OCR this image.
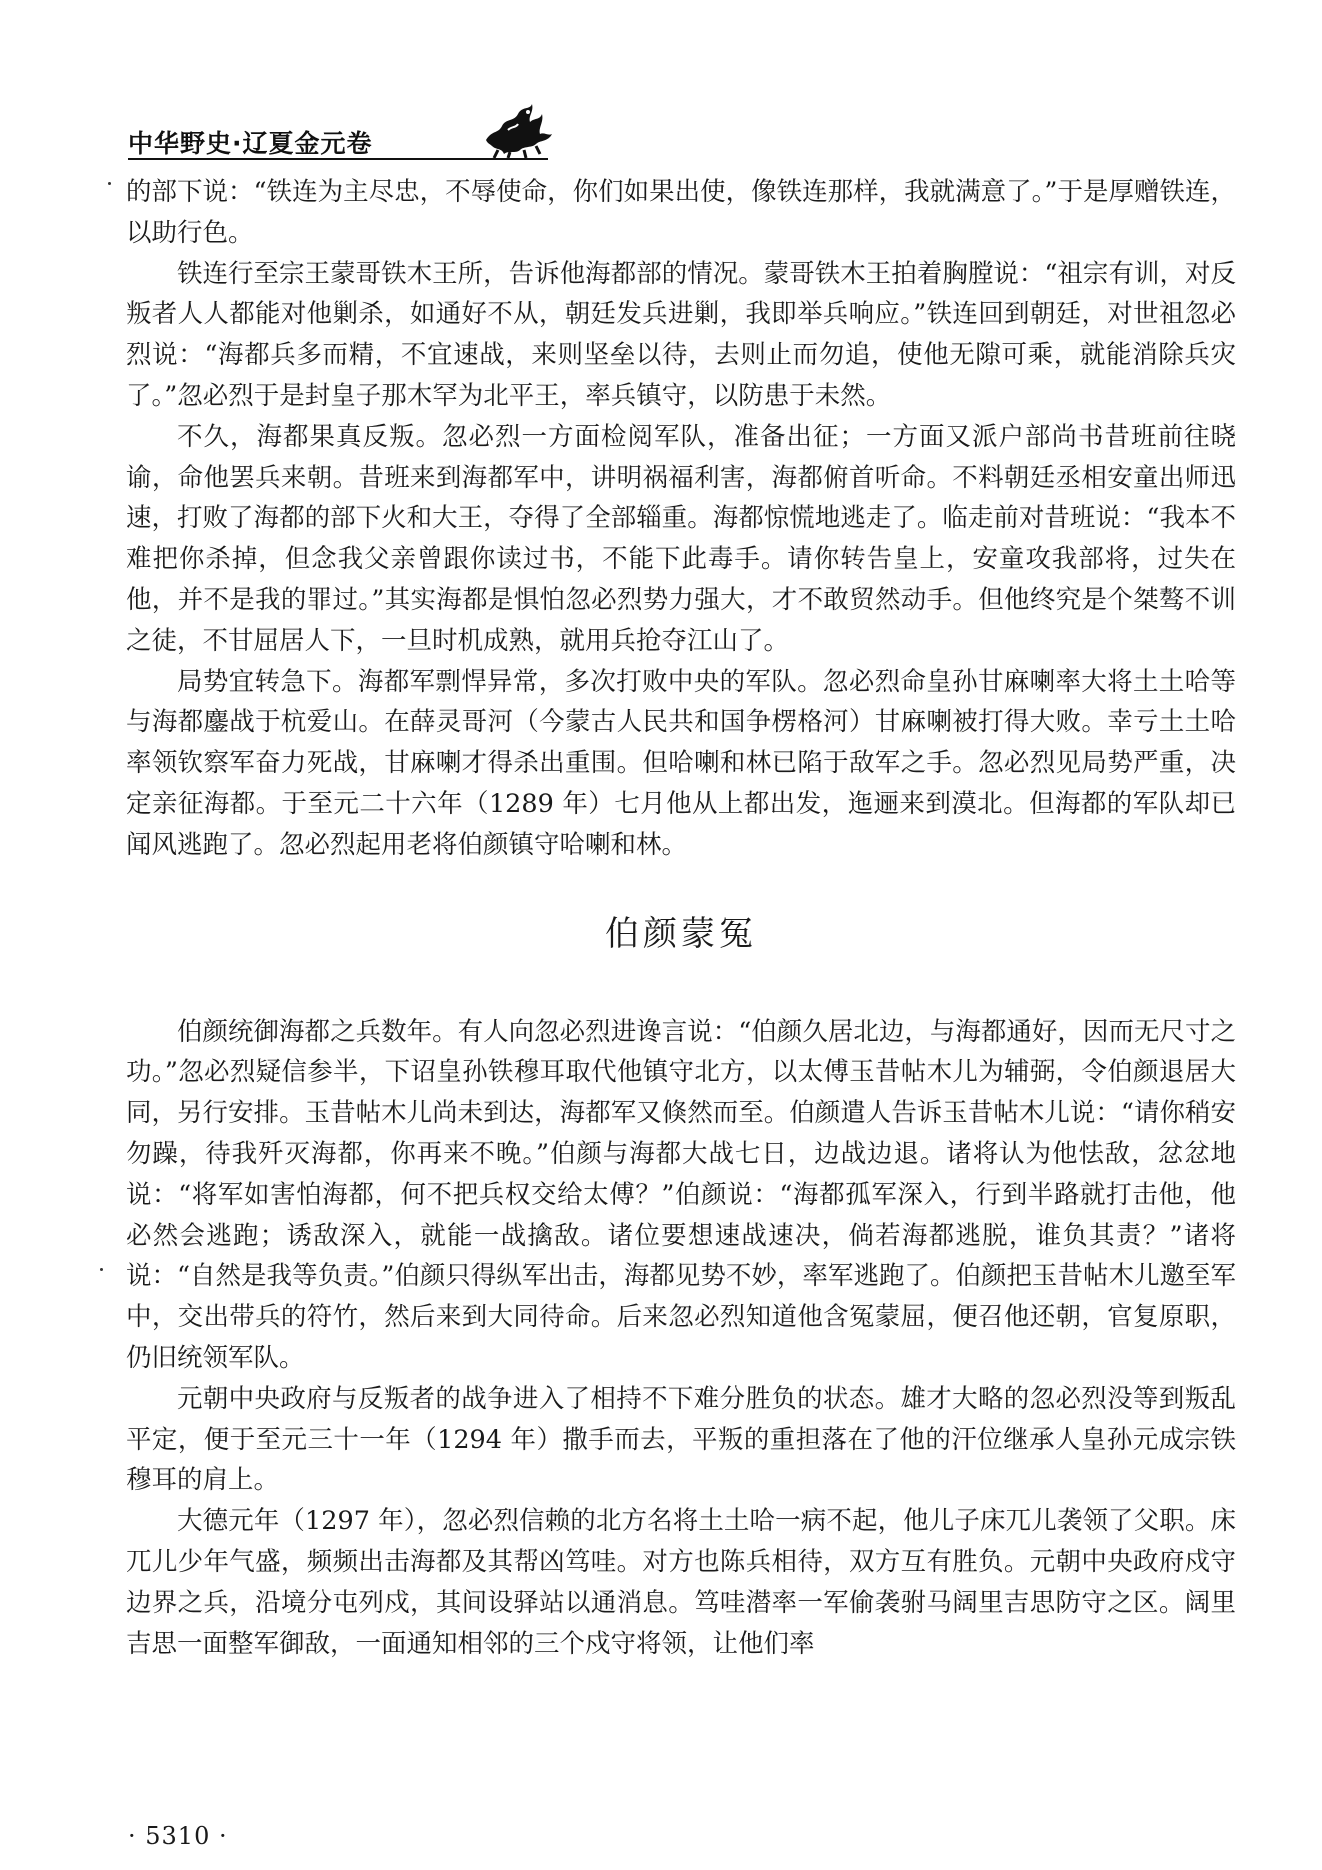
中华野史·辽夏金元卷

的部下说：“铁连为主尽忠，不辱使命，你们如果出使，像铁连那样，我就满意了。”于是厚赠铁连，以助行色。

铁连行至宗王蒙哥铁木王所，告诉他海都部的情况。蒙哥铁木王拍着胸膛说：“祖宗有训，对反叛者人人都能对他剿杀，如通好不从，朝廷发兵进剿，我即举兵响应。”铁连回到朝廷，对世祖忽必烈说：“海都兵多而精，不宜速战，来则坚垒以待，去则止而勿追，使他无隙可乘，就能消除兵灾了。”忽必烈于是封皇子那木罕为北平王，率兵镇守，以防患于未然。

不久，海都果真反叛。忽必烈一方面检阅军队，准备出征；一方面又派户部尚书昔班前往晓谕，命他罢兵来朝。昔班来到海都军中，讲明祸福利害，海都俯首听命。不料朝廷丞相安童出师迅速，打败了海都的部下火和大王，夺得了全部辎重。海都惊慌地逃走了。临走前对昔班说：“我本不难把你杀掉，但念我父亲曾跟你读过书，不能下此毒手。请你转告皇上，安童攻我部将，过失在他，并不是我的罪过。”其实海都是惧怕忽必烈势力强大，才不敢贸然动手。但他终究是个桀骜不训之徒，不甘屈居人下，一旦时机成熟，就用兵抢夺江山了。

局势宜转急下。海都军剽悍异常，多次打败中央的军队。忽必烈命皇孙甘麻喇率大将土土哈等与海都鏖战于杭爱山。在薛灵哥河（今蒙古人民共和国争楞格河）甘麻喇被打得大败。幸亏土土哈率领钦察军奋力死战，甘麻喇才得杀出重围。但哈喇和林已陷于敌军之手。忽必烈见局势严重，决定亲征海都。于至元二十六年（1289 年）七月他从上都出发，迤逦来到漠北。但海都的军队却已闻风逃跑了。忽必烈起用老将伯颜镇守哈喇和林。

伯颜蒙冤

伯颜统御海都之兵数年。有人向忽必烈进谗言说：“伯颜久居北边，与海都通好，因而无尺寸之功。”忽必烈疑信参半，下诏皇孙铁穆耳取代他镇守北方，以太傅玉昔帖木儿为辅弼，令伯颜退居大同，另行安排。玉昔帖木儿尚未到达，海都军又倏然而至。伯颜遣人告诉玉昔帖木儿说：“请你稍安勿躁，待我歼灭海都，你再来不晚。”伯颜与海都大战七日，边战边退。诸将认为他怯敌，忿忿地说：“将军如害怕海都，何不把兵权交给太傅？”伯颜说：“海都孤军深入，行到半路就打击他，他必然会逃跑；诱敌深入，就能一战擒敌。诸位要想速战速决，倘若海都逃脱，谁负其责？”诸将说：“自然是我等负责。”伯颜只得纵军出击，海都见势不妙，率军逃跑了。伯颜把玉昔帖木儿邀至军中，交出带兵的符竹，然后来到大同待命。后来忽必烈知道他含冤蒙屈，便召他还朝，官复原职，仍旧统领军队。

元朝中央政府与反叛者的战争进入了相持不下难分胜负的状态。雄才大略的忽必烈没等到叛乱平定，便于至元三十一年（1294 年）撒手而去，平叛的重担落在了他的汗位继承人皇孙元成宗铁穆耳的肩上。

大德元年（1297 年），忽必烈信赖的北方名将土土哈一病不起，他儿子床兀儿袭领了父职。床兀儿少年气盛，频频出击海都及其帮凶笃哇。对方也陈兵相待，双方互有胜负。元朝中央政府戍守边界之兵，沿境分屯列戍，其间设驿站以通消息。笃哇潜率一军偷袭驸马阔里吉思防守之区。阔里吉思一面整军御敌，一面通知相邻的三个戍守将领，让他们率

· 5310 ·
